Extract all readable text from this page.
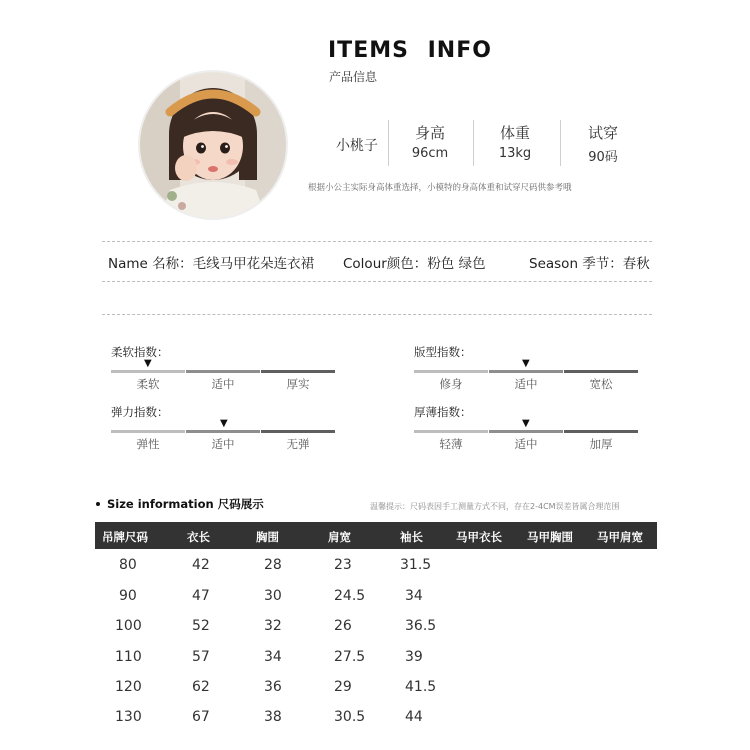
ITEMS INFO
产品信息
小桃子
身高
96cm
体重
13kg
试穿
90码
根据小公主实际身高体重选择，小模特的身高体重和试穿尺码供参考哦
Name 名称：毛线马甲花朵连衣裙 Colour颜色：粉色 绿色	Season 季节：春秋
柔软指数：
▼
柔软	适中	厚实
版型指数：
▼
修身	适中	宽松
弹力指数：
▼
弹性	适中	无弹
厚薄指数：
▼
轻薄	适中	加厚
Size information 尺码展示	温馨提示：尺码表因手工测量方式不同，存在2-4CM误差皆属合理范围
吊牌尺码	衣长	胸围	肩宽	袖长	马甲衣长 马甲胸围 马甲肩宽
80	42	28	23	31.5
90	47	30	24.5	34
100	52	32	26	36.5
110	57	34	27.5	39
120	62	36	29	41.5
130	67	38	30.5	44
